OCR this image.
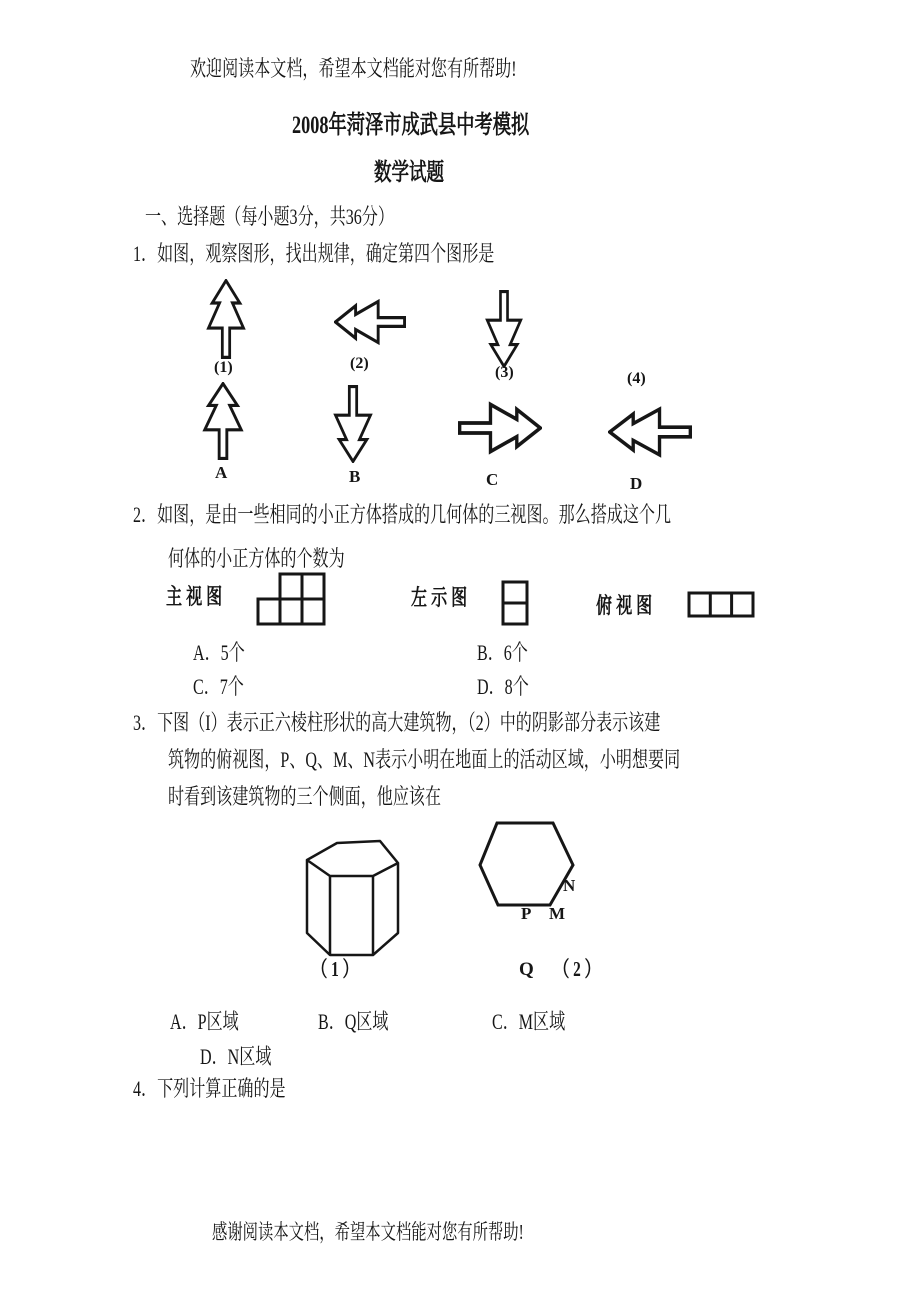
欢迎阅读本文档，希望本文档能对您有所帮助!
2008年菏泽市成武县中考模拟
数学试题
一、选择题（每小题3分，共36分）
1．如图，观察图形，找出规律，确定第四个图形是
(1)	(2)
(3)	(4)
A	B	C	D
2．如图，是由一些相同的小正方体搭成的几何体的三视图。那么搭成这个几
何体的小正方体的个数为
主 视 图	左 示 图	俯 视 图
A．5个	B．6个
C．7个	D．8个
3．下图（I）表示正六棱柱形状的高大建筑物，（2）中的阴影部分表示该建
筑物的俯视图，P、Q、M、N表示小明在地面上的活动区域，小明想要同
时看到该建筑物的三个侧面，他应该在
N
P M
（ 1 ）	Q （ 2 ）
A．P区域	B．Q区域	C．M区域
D．N区域
4．下列计算正确的是
感谢阅读本文档，希望本文档能对您有所帮助!
